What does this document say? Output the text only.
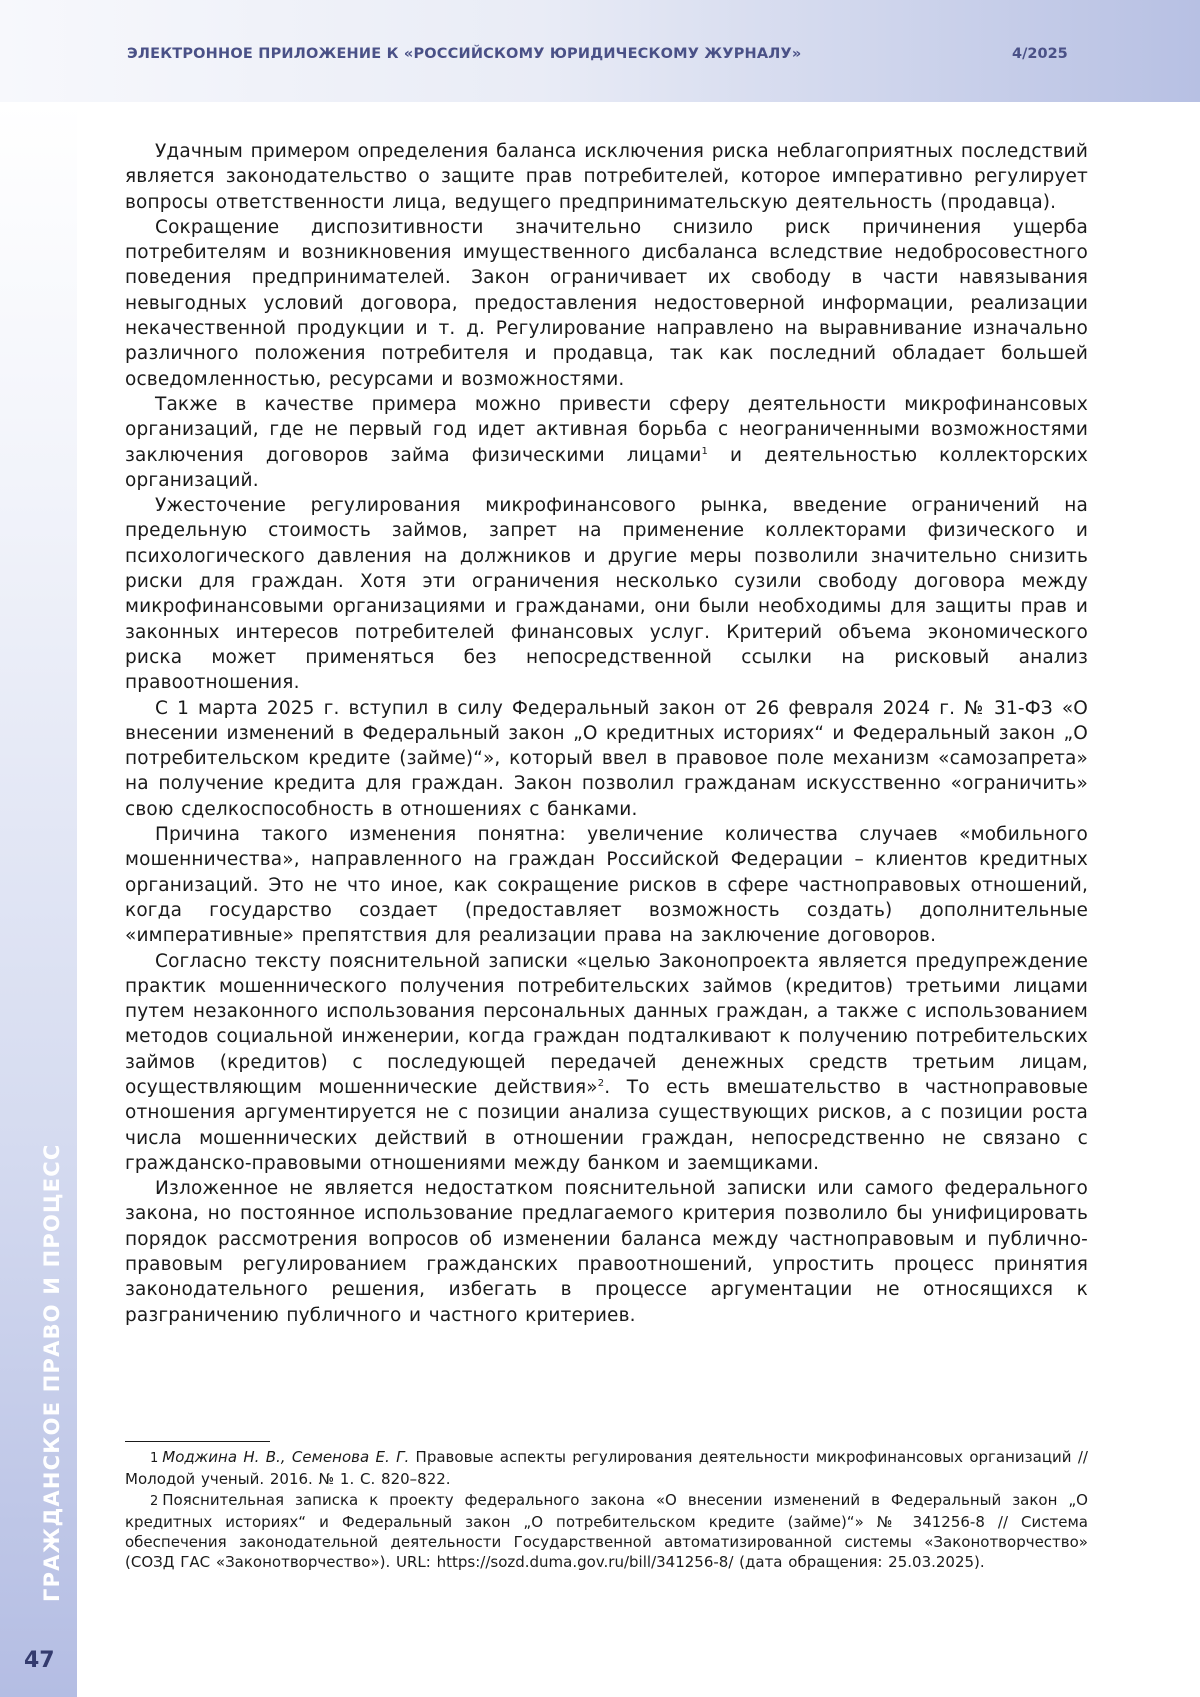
ЭЛЕКТРОННОЕ ПРИЛОЖЕНИЕ К «РОССИЙСКОМУ ЮРИДИЧЕСКОМУ ЖУРНАЛУ»	4/2025
ГРАЖДАНСКОЕ ПРАВО И ПРОЦЕСС
47

Удачным примером определения баланса исключения риска неблагоприятных последствий является законодательство о защите прав потребителей, которое императивно регулирует вопросы ответственности лица, ведущего предпринимательскую деятельность (продавца).

Сокращение диспозитивности значительно снизило риск причинения ущерба потребителям и возникновения имущественного дисбаланса вследствие недобросовестного поведения предпринимателей. Закон ограничивает их свободу в части навязывания невыгодных условий договора, предоставления недостоверной информации, реализации некачественной продукции и т. д. Регулирование направлено на выравнивание изначально различного положения потребителя и продавца, так как последний обладает большей осведомленностью, ресурсами и возможностями.

Также в качестве примера можно привести сферу деятельности микрофинансовых организаций, где не первый год идет активная борьба с неограниченными возможностями заключения договоров займа физическими лицами1 и деятельностью коллекторских организаций.

Ужесточение регулирования микрофинансового рынка, введение ограничений на предельную стоимость займов, запрет на применение коллекторами физического и психологического давления на должников и другие меры позволили значительно снизить риски для граждан. Хотя эти ограничения несколько сузили свободу договора между микрофинансовыми организациями и гражданами, они были необходимы для защиты прав и законных интересов потребителей финансовых услуг. Критерий объема экономического риска может применяться без непосредственной ссылки на рисковый анализ правоотношения.

С 1 марта 2025 г. вступил в силу Федеральный закон от 26 февраля 2024 г. № 31-ФЗ «О внесении изменений в Федеральный закон „О кредитных историях“ и Федеральный закон „О потребительском кредите (займе)“», который ввел в правовое поле механизм «самозапрета» на получение кредита для граждан. Закон позволил гражданам искусственно «ограничить» свою сделкоспособность в отношениях с банками.

Причина такого изменения понятна: увеличение количества случаев «мобильного мошенничества», направленного на граждан Российской Федерации – клиентов кредитных организаций. Это не что иное, как сокращение рисков в сфере частноправовых отношений, когда государство создает (предоставляет возможность создать) дополнительные «императивные» препятствия для реализации права на заключение договоров.

Согласно тексту пояснительной записки «целью Законопроекта является предупреждение практик мошеннического получения потребительских займов (кредитов) третьими лицами путем незаконного использования персональных данных граждан, а также с использованием методов социальной инженерии, когда граждан подталкивают к получению потребительских займов (кредитов) с последующей передачей денежных средств третьим лицам, осуществляющим мошеннические действия»2. То есть вмешательство в частноправовые отношения аргументируется не с позиции анализа существующих рисков, а с позиции роста числа мошеннических действий в отношении граждан, непосредственно не связано с гражданско-правовыми отношениями между банком и заемщиками.

Изложенное не является недостатком пояснительной записки или самого федерального закона, но постоянное использование предлагаемого критерия позволило бы унифицировать порядок рассмотрения вопросов об изменении баланса между частноправовым и публично-правовым регулированием гражданских правоотношений, упростить процесс принятия законодательного решения, избегать в процессе аргументации не относящихся к разграничению публичного и частного критериев.

1 Моджина Н. В., Семенова Е. Г. Правовые аспекты регулирования деятельности микрофинансовых организаций // Молодой ученый. 2016. № 1. С. 820–822.

2 Пояснительная записка к проекту федерального закона «О внесении изменений в Федеральный закон „О кредитных историях“ и Федеральный закон „О потребительском кредите (займе)“» № 341256-8 // Система обеспечения законодательной деятельности Государственной автоматизированной системы «Законотворчество» (СОЗД ГАС «Законотворчество»). URL: https://sozd.duma.gov.ru/bill/341256-8/ (дата обращения: 25.03.2025).
